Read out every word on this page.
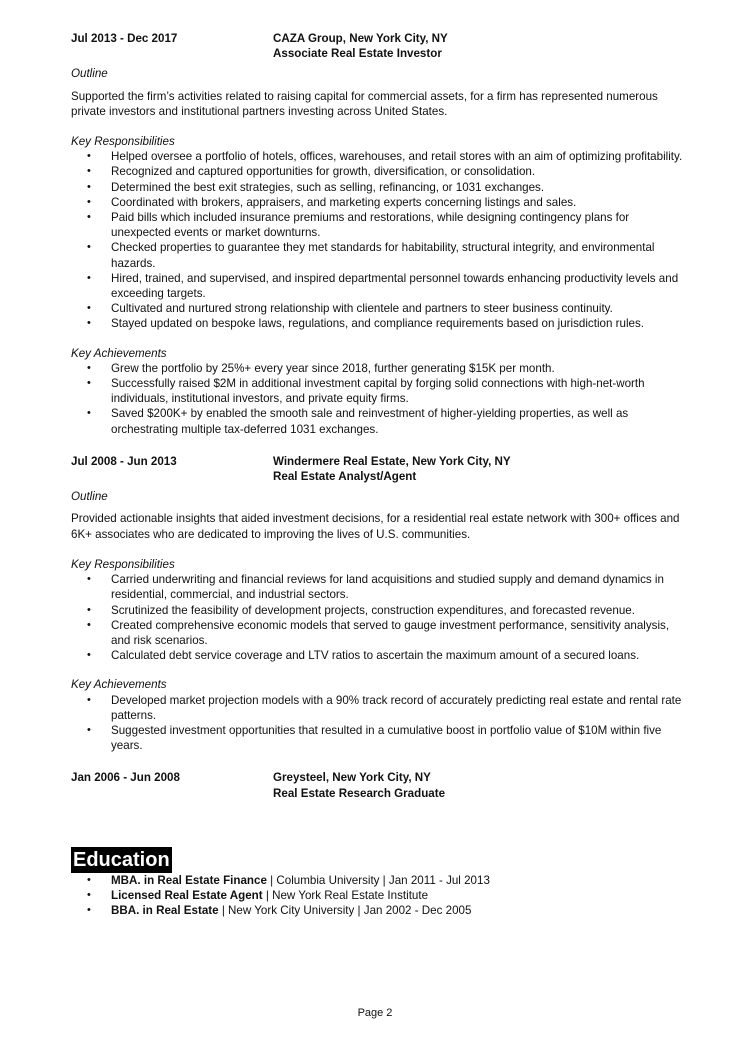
Jul 2013 - Dec 2017	CAZA Group, New York City, NY
Associate Real Estate Investor
Outline
Supported the firm’s activities related to raising capital for commercial assets, for a firm has represented numerous private investors and institutional partners investing across United States.
Key Responsibilities
• Helped oversee a portfolio of hotels, offices, warehouses, and retail stores with an aim of optimizing profitability.
• Recognized and captured opportunities for growth, diversification, or consolidation.
• Determined the best exit strategies, such as selling, refinancing, or 1031 exchanges.
• Coordinated with brokers, appraisers, and marketing experts concerning listings and sales.
• Paid bills which included insurance premiums and restorations, while designing contingency plans for unexpected events or market downturns.
• Checked properties to guarantee they met standards for habitability, structural integrity, and environmental hazards.
• Hired, trained, and supervised, and inspired departmental personnel towards enhancing productivity levels and exceeding targets.
• Cultivated and nurtured strong relationship with clientele and partners to steer business continuity.
• Stayed updated on bespoke laws, regulations, and compliance requirements based on jurisdiction rules.
Key Achievements
• Grew the portfolio by 25%+ every year since 2018, further generating $15K per month.
• Successfully raised $2M in additional investment capital by forging solid connections with high-net-worth individuals, institutional investors, and private equity firms.
• Saved $200K+ by enabled the smooth sale and reinvestment of higher-yielding properties, as well as orchestrating multiple tax-deferred 1031 exchanges.
Jul 2008 - Jun 2013	Windermere Real Estate, New York City, NY
Real Estate Analyst/Agent
Outline
Provided actionable insights that aided investment decisions, for a residential real estate network with 300+ offices and 6K+ associates who are dedicated to improving the lives of U.S. communities.
Key Responsibilities
• Carried underwriting and financial reviews for land acquisitions and studied supply and demand dynamics in residential, commercial, and industrial sectors.
• Scrutinized the feasibility of development projects, construction expenditures, and forecasted revenue.
• Created comprehensive economic models that served to gauge investment performance, sensitivity analysis, and risk scenarios.
• Calculated debt service coverage and LTV ratios to ascertain the maximum amount of a secured loans.
Key Achievements
• Developed market projection models with a 90% track record of accurately predicting real estate and rental rate patterns.
• Suggested investment opportunities that resulted in a cumulative boost in portfolio value of $10M within five years.
Jan 2006 - Jun 2008	Greysteel, New York City, NY
Real Estate Research Graduate
Education
• MBA. in Real Estate Finance | Columbia University | Jan 2011 - Jul 2013
• Licensed Real Estate Agent | New York Real Estate Institute
• BBA. in Real Estate | New York City University | Jan 2002 - Dec 2005
Page 2
